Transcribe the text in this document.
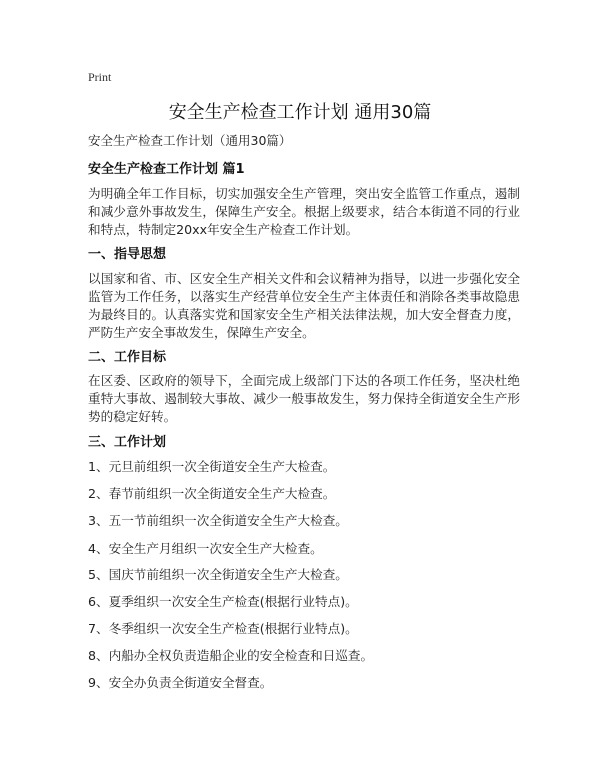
Print
安全生产检查工作计划 通用30篇
安全生产检查工作计划（通用30篇）
安全生产检查工作计划 篇1
为明确全年工作目标，切实加强安全生产管理，突出安全监管工作重点，遏制和减少意外事故发生，保障生产安全。根据上级要求，结合本街道不同的行业和特点，特制定20xx年安全生产检查工作计划。
一、指导思想
以国家和省、市、区安全生产相关文件和会议精神为指导，以进一步强化安全监管为工作任务，以落实生产经营单位安全生产主体责任和消除各类事故隐患为最终目的。认真落实党和国家安全生产相关法律法规，加大安全督查力度，严防生产安全事故发生，保障生产安全。
二、工作目标
在区委、区政府的领导下，全面完成上级部门下达的各项工作任务，坚决杜绝重特大事故、遏制较大事故、减少一般事故发生，努力保持全街道安全生产形势的稳定好转。
三、工作计划
1、元旦前组织一次全街道安全生产大检查。
2、春节前组织一次全街道安全生产大检查。
3、五一节前组织一次全街道安全生产大检查。
4、安全生产月组织一次安全生产大检查。
5、国庆节前组织一次全街道安全生产大检查。
6、夏季组织一次安全生产检查(根据行业特点)。
7、冬季组织一次安全生产检查(根据行业特点)。
8、内船办全权负责造船企业的安全检查和日巡查。
9、安全办负责全街道安全督查。
